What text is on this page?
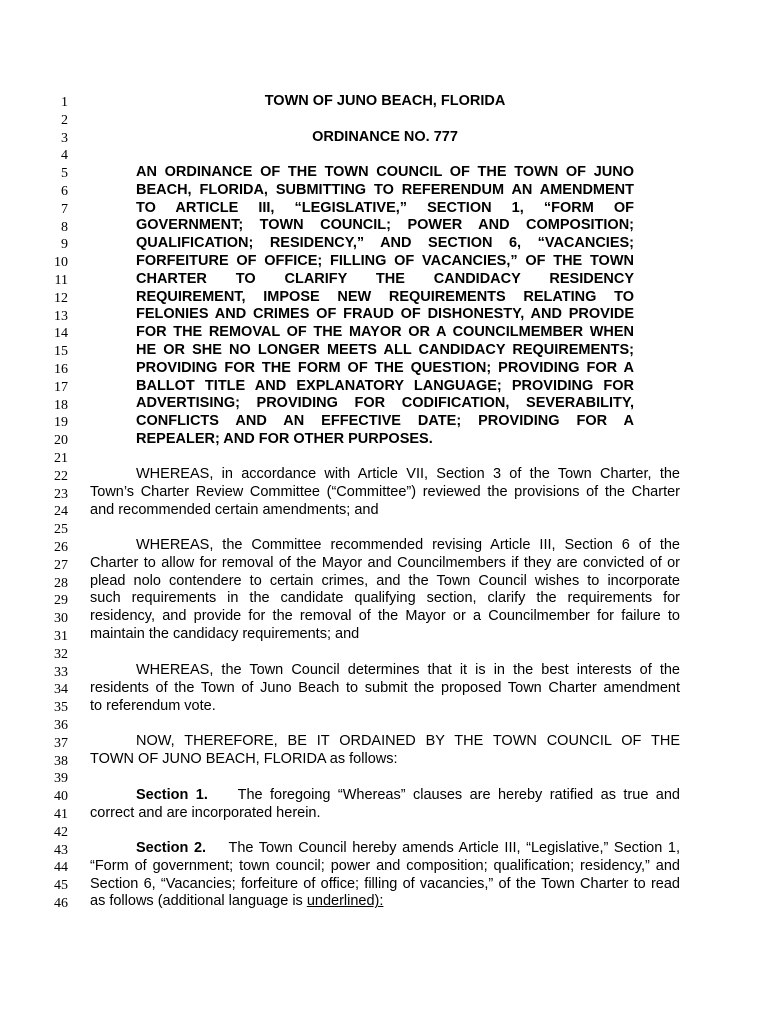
1
2
3
4
5
6
7
8
9
10
11
12
13
14
15
16
17
18
19
20
21
22
23
24
25
26
27
28
29
30
31
32
33
34
35
36
37
38
39
40
41
42
43
44
45
46
TOWN OF JUNO BEACH, FLORIDA
ORDINANCE NO. 777
AN ORDINANCE OF THE TOWN COUNCIL OF THE TOWN OF JUNO
BEACH, FLORIDA, SUBMITTING TO REFERENDUM AN AMENDMENT
TO ARTICLE III, “LEGISLATIVE,” SECTION 1, “FORM OF
GOVERNMENT; TOWN COUNCIL; POWER AND COMPOSITION;
QUALIFICATION; RESIDENCY,” AND SECTION 6, “VACANCIES;
FORFEITURE OF OFFICE; FILLING OF VACANCIES,” OF THE TOWN
CHARTER TO CLARIFY THE CANDIDACY RESIDENCY
REQUIREMENT, IMPOSE NEW REQUIREMENTS RELATING TO
FELONIES AND CRIMES OF FRAUD OF DISHONESTY, AND PROVIDE
FOR THE REMOVAL OF THE MAYOR OR A COUNCILMEMBER WHEN
HE OR SHE NO LONGER MEETS ALL CANDIDACY REQUIREMENTS;
PROVIDING FOR THE FORM OF THE QUESTION; PROVIDING FOR A
BALLOT TITLE AND EXPLANATORY LANGUAGE; PROVIDING FOR
ADVERTISING; PROVIDING FOR CODIFICATION, SEVERABILITY,
CONFLICTS AND AN EFFECTIVE DATE; PROVIDING FOR A
REPEALER; AND FOR OTHER PURPOSES.
WHEREAS, in accordance with Article VII, Section 3 of the Town Charter, the
Town’s Charter Review Committee (“Committee”) reviewed the provisions of the Charter
and recommended certain amendments; and
WHEREAS, the Committee recommended revising Article III, Section 6 of the
Charter to allow for removal of the Mayor and Councilmembers if they are convicted of or
plead nolo contendere to certain crimes, and the Town Council wishes to incorporate
such requirements in the candidate qualifying section, clarify the requirements for
residency, and provide for the removal of the Mayor or a Councilmember for failure to
maintain the candidacy requirements; and
WHEREAS, the Town Council determines that it is in the best interests of the
residents of the Town of Juno Beach to submit the proposed Town Charter amendment
to referendum vote.
NOW, THEREFORE, BE IT ORDAINED BY THE TOWN COUNCIL OF THE
TOWN OF JUNO BEACH, FLORIDA as follows:
Section 1. The foregoing “Whereas” clauses are hereby ratified as true and
correct and are incorporated herein.
Section 2. The Town Council hereby amends Article III, “Legislative,” Section 1,
“Form of government; town council; power and composition; qualification; residency,” and
Section 6, “Vacancies; forfeiture of office; filling of vacancies,” of the Town Charter to read
as follows (additional language is underlined):
